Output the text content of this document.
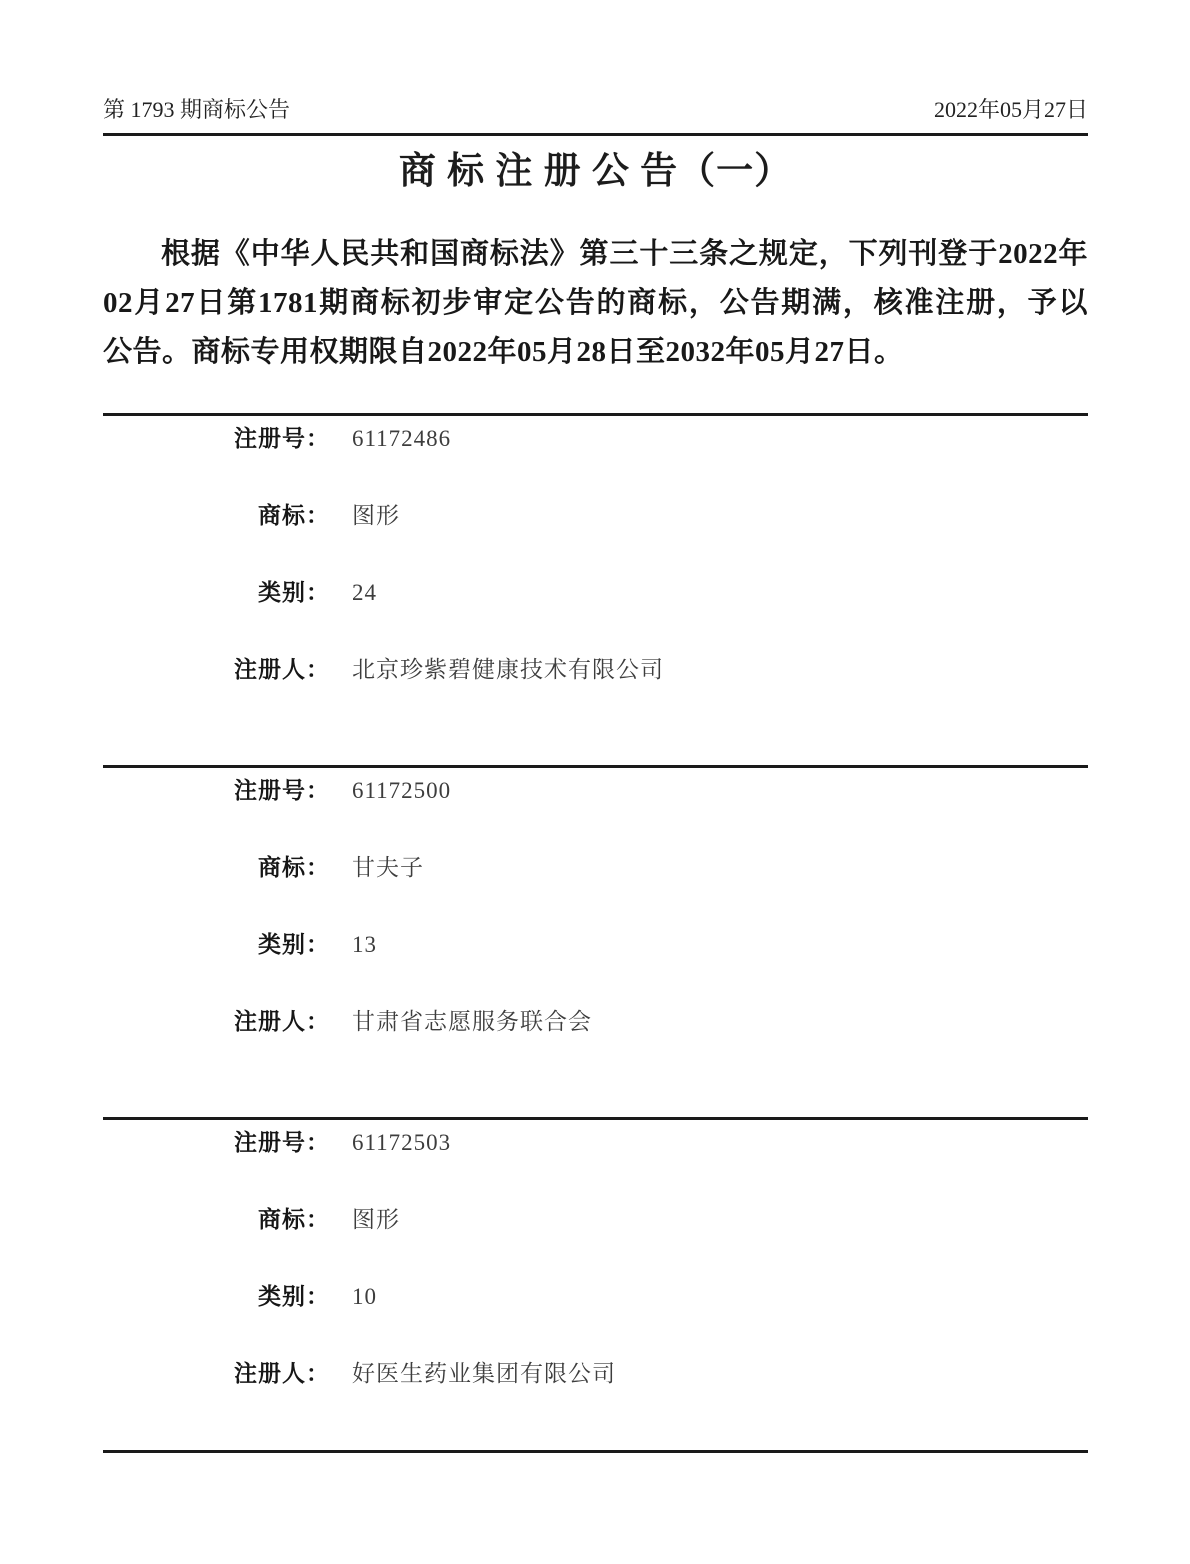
第 1793 期商标公告	2022年05月27日
商 标 注 册 公 告（一）
根据《中华人民共和国商标法》第三十三条之规定，下列刊登于2022年
02月27日第1781期商标初步审定公告的商标，公告期满，核准注册，予以
公告。商标专用权期限自2022年05月28日至2032年05月27日。
注册号： 61172486
商标： 图形
类别： 24
注册人： 北京珍紫碧健康技术有限公司
注册号： 61172500
商标： 甘夫子
类别： 13
注册人： 甘肃省志愿服务联合会
注册号： 61172503
商标： 图形
类别： 10
注册人： 好医生药业集团有限公司
